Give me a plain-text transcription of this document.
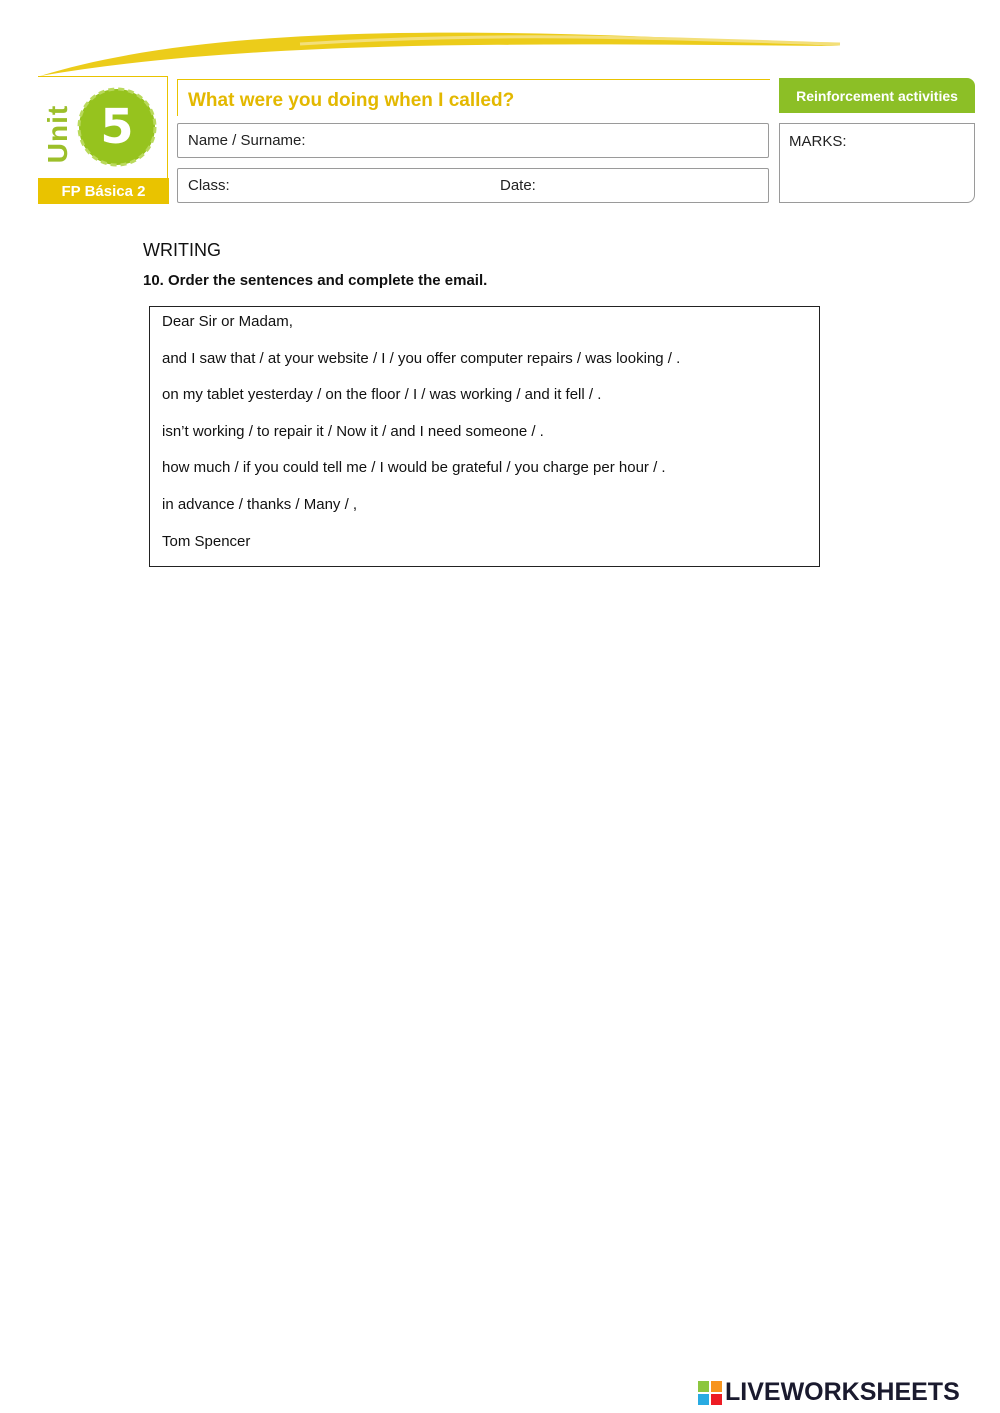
Unit 5
FP Básica 2
What were you doing when I called?
Name / Surname:
Class:	Date:
Reinforcement activities
MARKS:
WRITING
10. Order the sentences and complete the email.
Dear Sir or Madam,
and I saw that / at your website / I / you offer computer repairs / was looking / .
on my tablet yesterday / on the floor / I / was working / and it fell / .
isn’t working / to repair it / Now it / and I need someone / .
how much / if you could tell me / I would be grateful / you charge per hour / .
in advance / thanks / Many / ,
Tom Spencer
LIVEWORKSHEETS
